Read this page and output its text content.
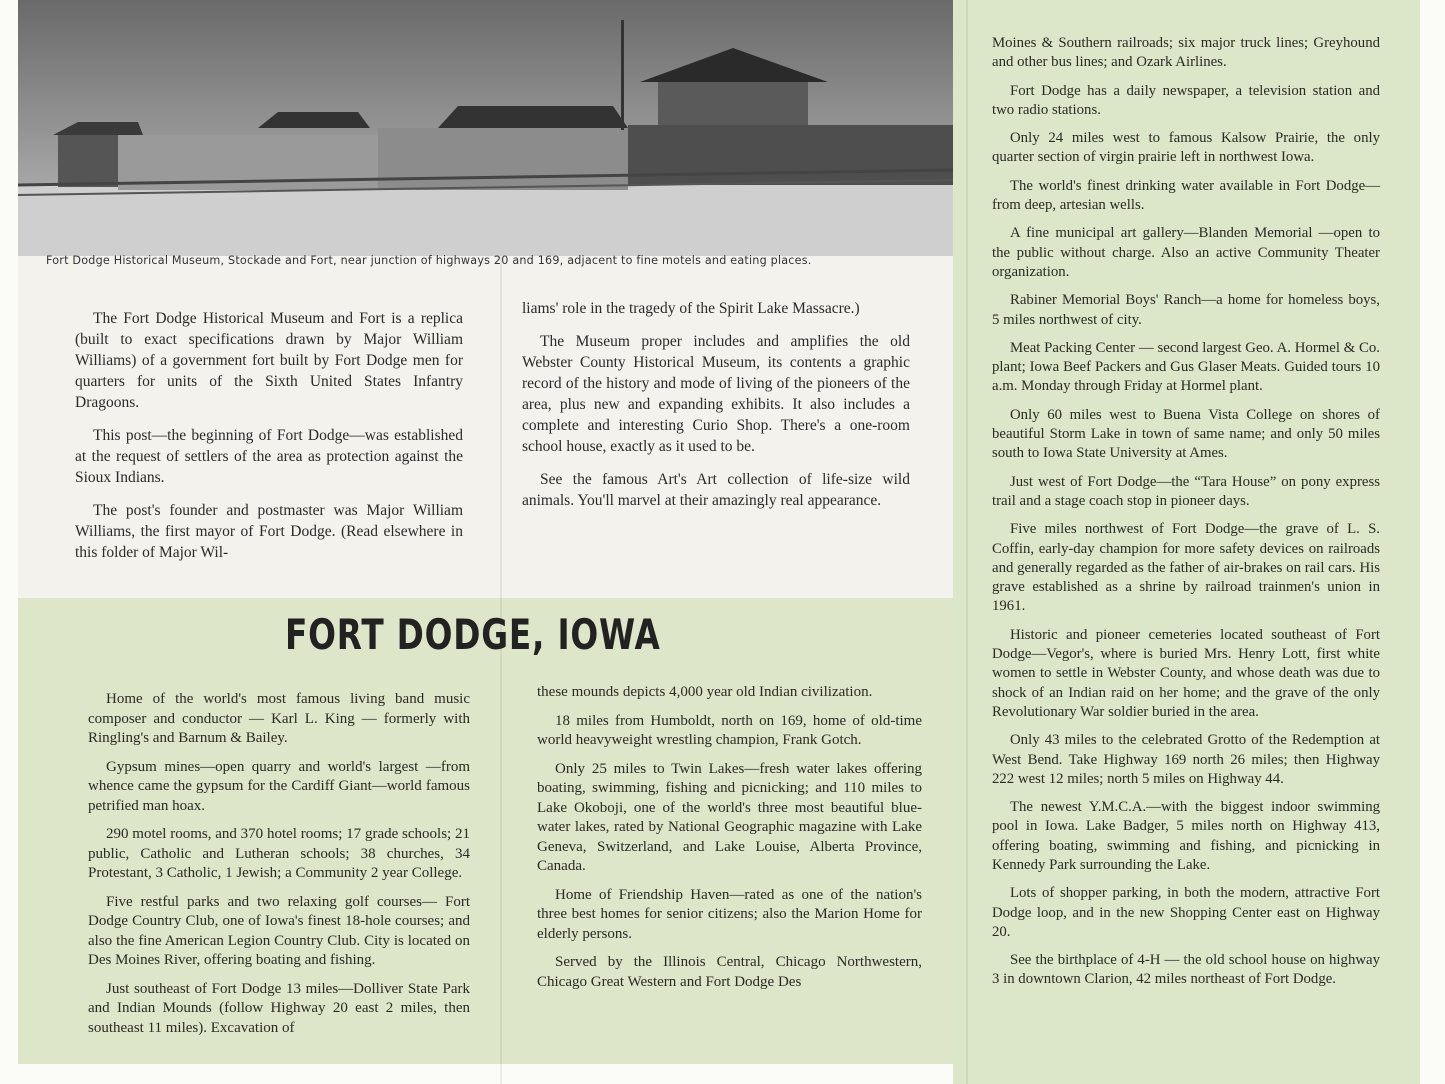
Fort Dodge Historical Museum, Stockade and Fort, near junction of highways 20 and 169, adjacent to fine motels and eating places.

The Fort Dodge Historical Museum and Fort is a replica (built to exact specifications drawn by Major William Williams) of a government fort built by Fort Dodge men for quarters for units of the Sixth United States Infantry Dragoons.

This post—the beginning of Fort Dodge—was established at the request of settlers of the area as protection against the Sioux Indians.

The post's founder and postmaster was Major William Williams, the first mayor of Fort Dodge. (Read elsewhere in this folder of Major Wil-

liams' role in the tragedy of the Spirit Lake Massacre.)

The Museum proper includes and amplifies the old Webster County Historical Museum, its contents a graphic record of the history and mode of living of the pioneers of the area, plus new and expanding exhibits. It also includes a complete and interesting Curio Shop. There's a one-room school house, exactly as it used to be.

See the famous Art's Art collection of life-size wild animals. You'll marvel at their amazingly real appearance.

FORT DODGE, IOWA

Home of the world's most famous living band music composer and conductor — Karl L. King — formerly with Ringling's and Barnum & Bailey.

Gypsum mines—open quarry and world's largest —from whence came the gypsum for the Cardiff Giant—world famous petrified man hoax.

290 motel rooms, and 370 hotel rooms; 17 grade schools; 21 public, Catholic and Lutheran schools; 38 churches, 34 Protestant, 3 Catholic, 1 Jewish; a Community 2 year College.

Five restful parks and two relaxing golf courses— Fort Dodge Country Club, one of Iowa's finest 18-hole courses; and also the fine American Legion Country Club. City is located on Des Moines River, offering boating and fishing.

Just southeast of Fort Dodge 13 miles—Dolliver State Park and Indian Mounds (follow Highway 20 east 2 miles, then southeast 11 miles). Excavation of

these mounds depicts 4,000 year old Indian civilization.

18 miles from Humboldt, north on 169, home of old-time world heavyweight wrestling champion, Frank Gotch.

Only 25 miles to Twin Lakes—fresh water lakes offering boating, swimming, fishing and picnicking; and 110 miles to Lake Okoboji, one of the world's three most beautiful blue-water lakes, rated by National Geographic magazine with Lake Geneva, Switzerland, and Lake Louise, Alberta Province, Canada.

Home of Friendship Haven—rated as one of the nation's three best homes for senior citizens; also the Marion Home for elderly persons.

Served by the Illinois Central, Chicago Northwestern, Chicago Great Western and Fort Dodge Des

Moines & Southern railroads; six major truck lines; Greyhound and other bus lines; and Ozark Airlines.

Fort Dodge has a daily newspaper, a television station and two radio stations.

Only 24 miles west to famous Kalsow Prairie, the only quarter section of virgin prairie left in northwest Iowa.

The world's finest drinking water available in Fort Dodge—from deep, artesian wells.

A fine municipal art gallery—Blanden Memorial —open to the public without charge. Also an active Community Theater organization.

Rabiner Memorial Boys' Ranch—a home for homeless boys, 5 miles northwest of city.

Meat Packing Center — second largest Geo. A. Hormel & Co. plant; Iowa Beef Packers and Gus Glaser Meats. Guided tours 10 a.m. Monday through Friday at Hormel plant.

Only 60 miles west to Buena Vista College on shores of beautiful Storm Lake in town of same name; and only 50 miles south to Iowa State University at Ames.

Just west of Fort Dodge—the “Tara House” on pony express trail and a stage coach stop in pioneer days.

Five miles northwest of Fort Dodge—the grave of L. S. Coffin, early-day champion for more safety devices on railroads and generally regarded as the father of air-brakes on rail cars. His grave established as a shrine by railroad trainmen's union in 1961.

Historic and pioneer cemeteries located southeast of Fort Dodge—Vegor's, where is buried Mrs. Henry Lott, first white women to settle in Webster County, and whose death was due to shock of an Indian raid on her home; and the grave of the only Revolutionary War soldier buried in the area.

Only 43 miles to the celebrated Grotto of the Redemption at West Bend. Take Highway 169 north 26 miles; then Highway 222 west 12 miles; north 5 miles on Highway 44.

The newest Y.M.C.A.—with the biggest indoor swimming pool in Iowa. Lake Badger, 5 miles north on Highway 413, offering boating, swimming and fishing, and picnicking in Kennedy Park surrounding the Lake.

Lots of shopper parking, in both the modern, attractive Fort Dodge loop, and in the new Shopping Center east on Highway 20.

See the birthplace of 4-H — the old school house on highway 3 in downtown Clarion, 42 miles northeast of Fort Dodge.
